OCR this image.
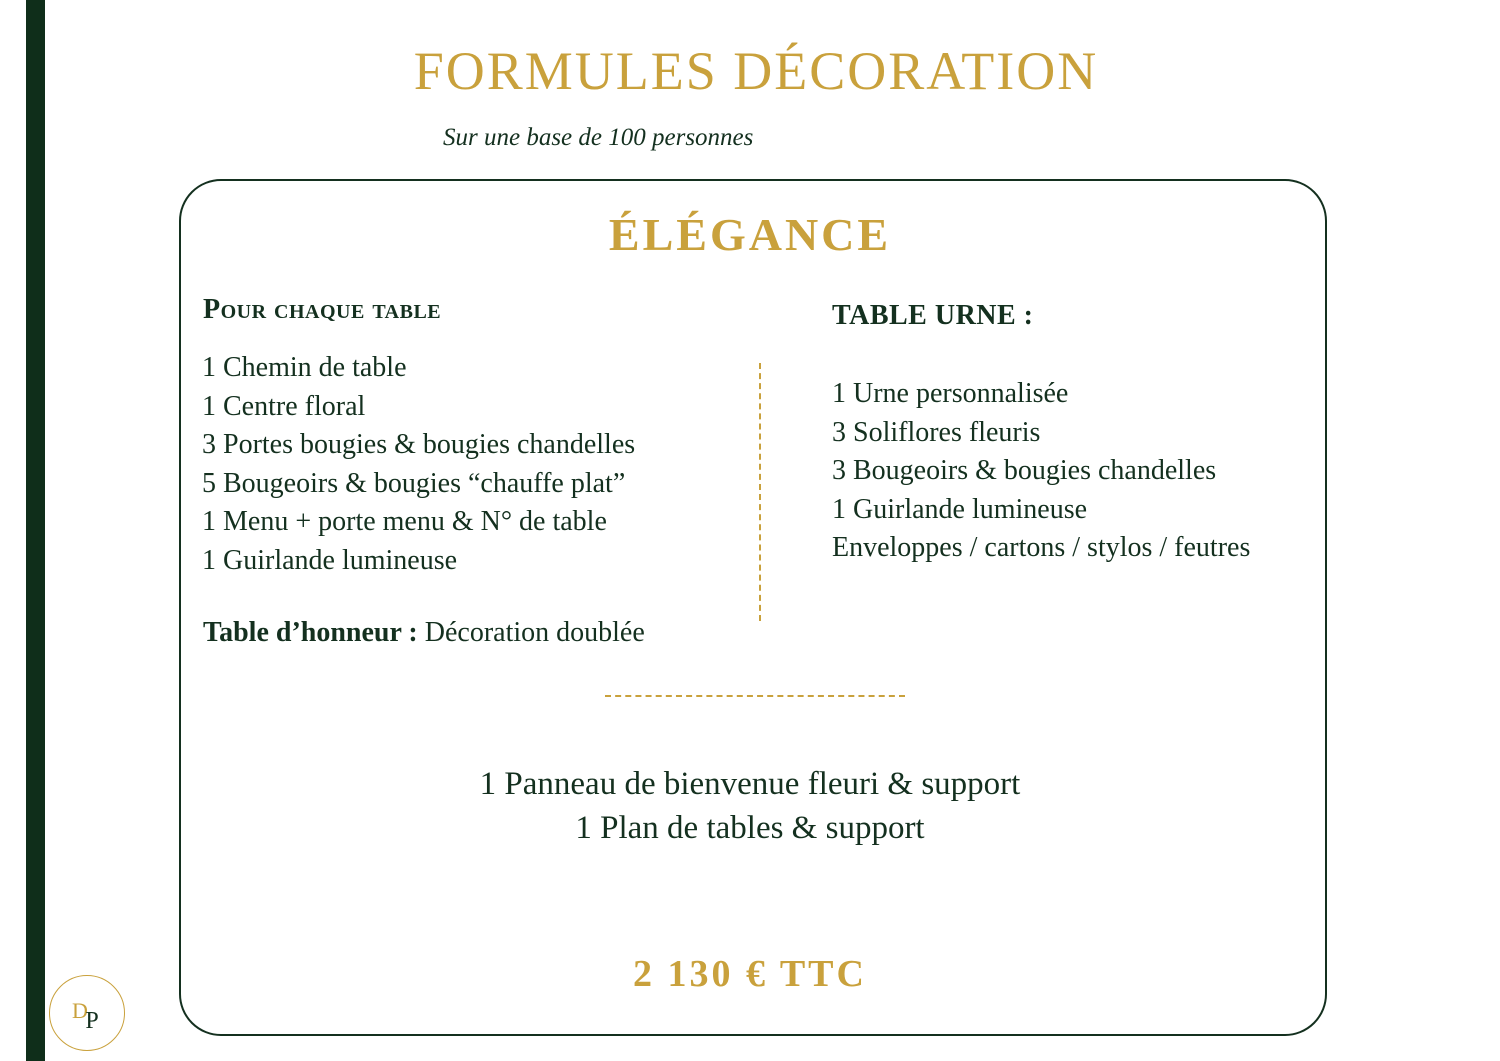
FORMULES DÉCORATION
Sur une base de 100 personnes
ÉLÉGANCE
Pour chaque table
1 Chemin de table
1 Centre floral
3 Portes bougies & bougies chandelles
5 Bougeoirs & bougies “chauffe plat”
1 Menu + porte menu & N° de table
1 Guirlande lumineuse
Table d’honneur : Décoration doublée
TABLE URNE :
1 Urne personnalisée
3 Soliflores fleuris
3 Bougeoirs & bougies chandelles
1 Guirlande lumineuse
Enveloppes / cartons / stylos / feutres
1 Panneau de bienvenue fleuri & support
1 Plan de tables & support
2 130 € TTC
D
P
